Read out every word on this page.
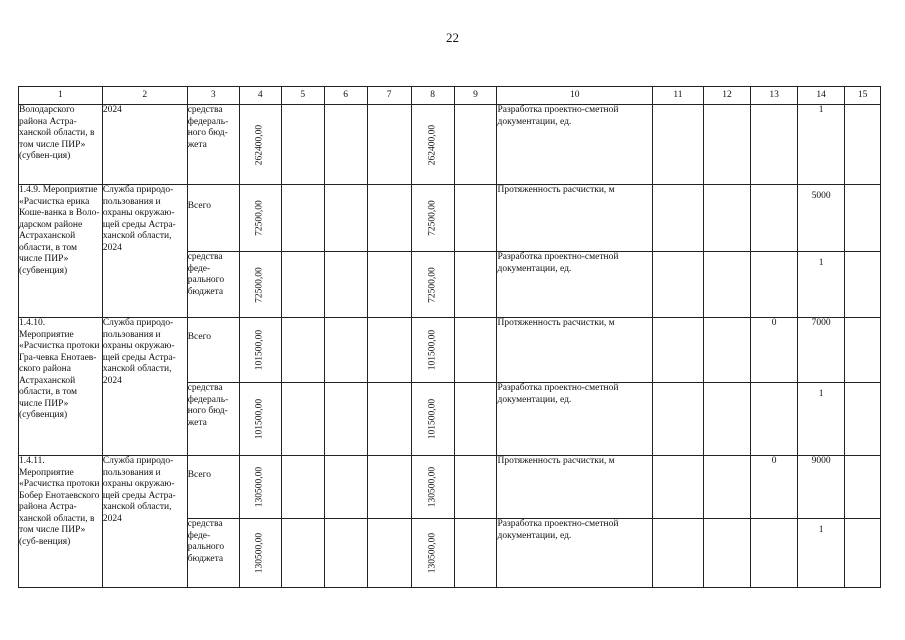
22
1	2	3	4	5	6	7	8	9	10	11	12	13	14	15
Володарского района Астра-ханской области, в том числе ПИР» (субвен-ция)	2024	средства федераль-ного бюд-жета	262400,00				262400,00		Разработка проектно-сметной документации, ед.				1	
1.4.9. Мероприятие «Расчистка ерика Коше-ванка в Воло-дарском районе Астраханской области, в том числе ПИР» (субвенция)	Служба природо-пользования и охраны окружаю-щей среды Астра-ханской области, 2024	Всего	72500,00				72500,00		Протяженность расчистки, м				5000	
		средства феде-рального бюджета	72500,00				72500,00		Разработка проектно-сметной документации, ед.				1	
1.4.10. Мероприятие «Расчистка протоки Гра-чевка Енотаев-ского района Астраханской области, в том числе ПИР» (субвенция)	Служба природо-пользования и охраны окружаю-щей среды Астра-ханской области, 2024	Всего	101500,00				101500,00		Протяженность расчистки, м			0	7000	
		средства федераль-ного бюд-жета	101500,00				101500,00		Разработка проектно-сметной документации, ед.				1	
1.4.11. Мероприятие «Расчистка протоки Бобер Енотаевского района Астра-ханской области, в том числе ПИР» (суб-венция)	Служба природо-пользования и охраны окружаю-щей среды Астра-ханской области, 2024	Всего	130500,00				130500,00		Протяженность расчистки, м			0	9000	
		средства феде-рального бюджета	130500,00				130500,00		Разработка проектно-сметной документации, ед.				1	
